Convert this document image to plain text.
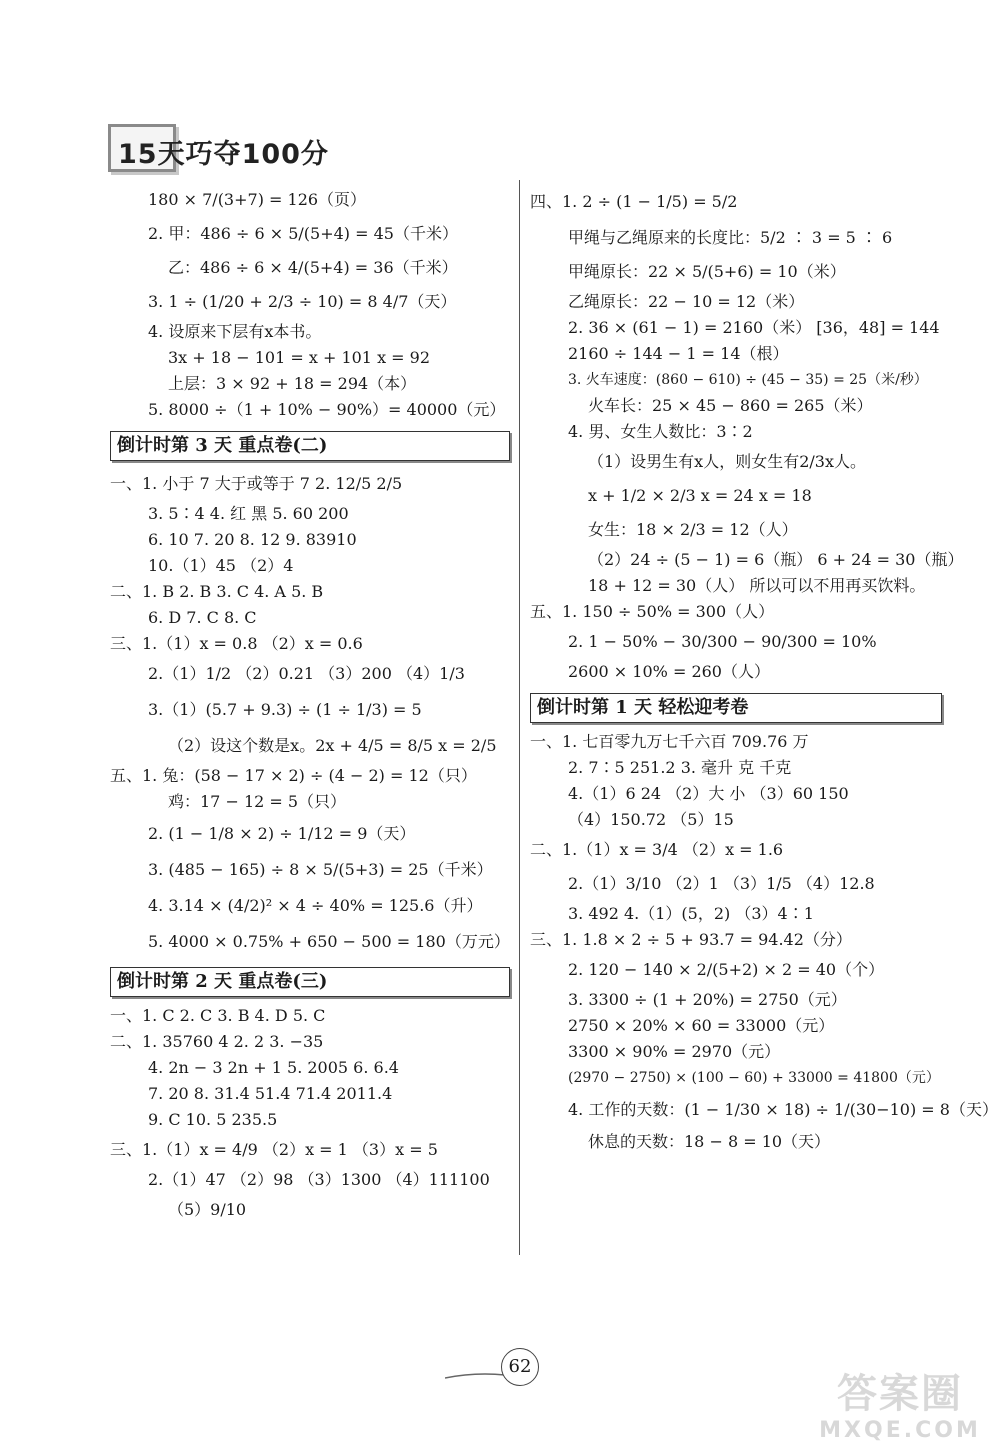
15天巧夺100分
180 × 7/(3+7) = 126（页）
2. 甲：486 ÷ 6 × 5/(5+4) = 45（千米）
乙：486 ÷ 6 × 4/(5+4) = 36（千米）
3. 1 ÷ (1/20 + 2/3 ÷ 10) = 8 4/7（天）
4. 设原来下层有x本书。
3x + 18 − 101 = x + 101 x = 92
上层：3 × 92 + 18 = 294（本）
5. 8000 ÷（1 + 10% − 90%）= 40000（元）
倒计时第 3 天 重点卷(二)
一、1. 小于 7 大于或等于 7 2. 12/5 2/5
3. 5∶4 4. 红 黑 5. 60 200
6. 10 7. 20 8. 12 9. 83910
10.（1）45 （2）4
二、1. B 2. B 3. C 4. A 5. B
6. D 7. C 8. C
三、1.（1）x = 0.8 （2）x = 0.6
2.（1）1/2 （2）0.21 （3）200 （4）1/3
3.（1）(5.7 + 9.3) ÷ (1 ÷ 1/3) = 5
（2）设这个数是x。2x + 4/5 = 8/5 x = 2/5
五、1. 兔：(58 − 17 × 2) ÷ (4 − 2) = 12（只）
鸡：17 − 12 = 5（只）
2. (1 − 1/8 × 2) ÷ 1/12 = 9（天）
3. (485 − 165) ÷ 8 × 5/(5+3) = 25（千米）
4. 3.14 × (4/2)² × 4 ÷ 40% = 125.6（升）
5. 4000 × 0.75% + 650 − 500 = 180（万元）
倒计时第 2 天 重点卷(三)
一、1. C 2. C 3. B 4. D 5. C
二、1. 35760 4 2. 2 3. −35
4. 2n − 3 2n + 1 5. 2005 6. 6.4
7. 20 8. 31.4 51.4 71.4 2011.4
9. C 10. 5 235.5
三、1.（1）x = 4/9 （2）x = 1 （3）x = 5
2.（1）47 （2）98 （3）1300 （4）111100
（5）9/10
四、1. 2 ÷ (1 − 1/5) = 5/2
甲绳与乙绳原来的长度比：5/2 ∶ 3 = 5 ∶ 6
甲绳原长：22 × 5/(5+6) = 10（米）
乙绳原长：22 − 10 = 12（米）
2. 36 × (61 − 1) = 2160（米） [36，48] = 144
2160 ÷ 144 − 1 = 14（根）
3. 火车速度：(860 − 610) ÷ (45 − 35) = 25（米/秒）
火车长：25 × 45 − 860 = 265（米）
4. 男、女生人数比：3∶2
（1）设男生有x人，则女生有2/3x人。
x + 1/2 × 2/3 x = 24 x = 18
女生：18 × 2/3 = 12（人）
（2）24 ÷ (5 − 1) = 6（瓶） 6 + 24 = 30（瓶）
18 + 12 = 30（人） 所以可以不用再买饮料。
五、1. 150 ÷ 50% = 300（人）
2. 1 − 50% − 30/300 − 90/300 = 10%
2600 × 10% = 260（人）
倒计时第 1 天 轻松迎考卷
一、1. 七百零九万七千六百 709.76 万
2. 7∶5 251.2 3. 毫升 克 千克
4.（1）6 24 （2）大 小 （3）60 150
（4）150.72 （5）15
二、1.（1）x = 3/4 （2）x = 1.6
2.（1）3/10 （2）1 （3）1/5 （4）12.8
3. 492 4.（1）(5，2) （3）4∶1
三、1. 1.8 × 2 ÷ 5 + 93.7 = 94.42（分）
2. 120 − 140 × 2/(5+2) × 2 = 40（个）
3. 3300 ÷ (1 + 20%) = 2750（元）
2750 × 20% × 60 = 33000（元）
3300 × 90% = 2970（元）
(2970 − 2750) × (100 − 60) + 33000 = 41800（元）
4. 工作的天数：(1 − 1/30 × 18) ÷ 1/(30−10) = 8（天）
休息的天数：18 − 8 = 10（天）
62
答案圈
MXQE.COM
